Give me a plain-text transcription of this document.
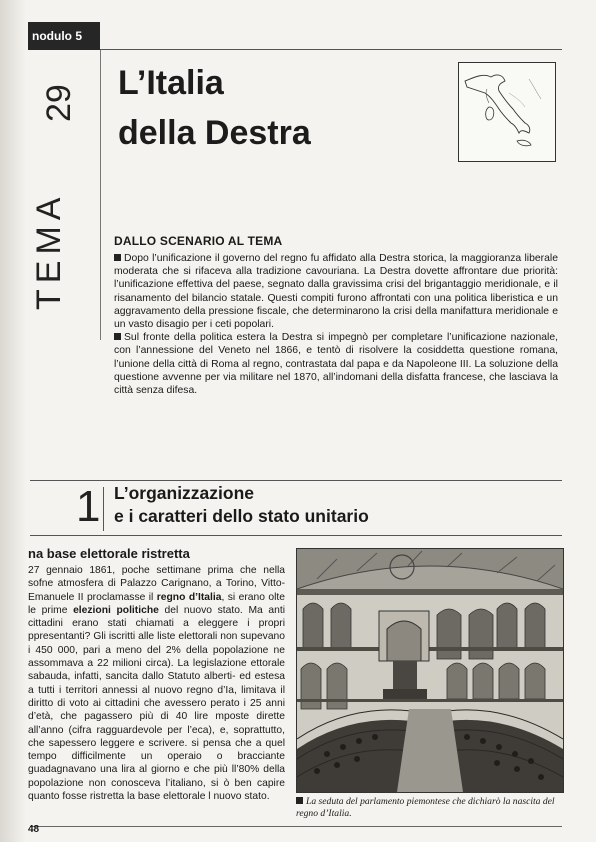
nodulo 5
29
TEMA
L’Italia
della Destra
DALLO SCENARIO AL TEMA

Dopo l’unificazione il governo del regno fu affidato alla Destra storica, la maggioranza liberale moderata che si rifaceva alla tradizione cavouriana. La Destra dovette affrontare due priorità: l’unificazione effettiva del paese, segnato dalla gravissima crisi del brigantaggio meridionale, e il risanamento del bilancio statale. Questi compiti furono affrontati con una politica liberistica e un aggravamento della pressione fiscale, che determinarono la crisi della manifattura meridionale e un vasto disagio per i ceti popolari.

Sul fronte della politica estera la Destra si impegnò per completare l’unificazione nazionale, con l’annessione del Veneto nel 1866, e tentò di risolvere la cosiddetta questione romana, l’unione della città di Roma al regno, contrastata dal papa e da Napoleone III. La soluzione della questione avvenne per via militare nel 1870, all’indomani della disfatta francese, che lasciava la città senza difesa.

1 L’organizzazione
e i caratteri dello stato unitario
na base elettorale ristretta

27 gennaio 1861, poche settimane prima che nella sofne atmosfera di Palazzo Carignano, a Torino, Vitto- Emanuele II proclamasse il regno d’Italia, si erano olte le prime elezioni politiche del nuovo stato. Ma anti cittadini erano stati chiamati a eleggere i propri ppresentanti? Gli iscritti alle liste elettorali non supevano i 450 000, pari a meno del 2% della popolazione ne assommava a 22 milioni circa). La legislazione ettorale sabauda, infatti, sancita dallo Statuto alberti- ed estesa a tutti i territori annessi al nuovo regno d’Ia, limitava il diritto di voto ai cittadini che avessero perato i 25 anni d’età, che pagassero più di 40 lire mposte dirette all’anno (cifra ragguardevole per l’eca), e, soprattutto, che sapessero leggere e scrivere. si pensa che a quel tempo difficilmente un operaio o bracciante guadagnavano una lira al giorno e che più ll’80% della popolazione non conosceva l’italiano, si ò ben capire quanto fosse ristretta la base elettorale l nuovo stato.	La seduta del parlamento piemontese che dichiarò la nascita del regno d’Italia.
48
